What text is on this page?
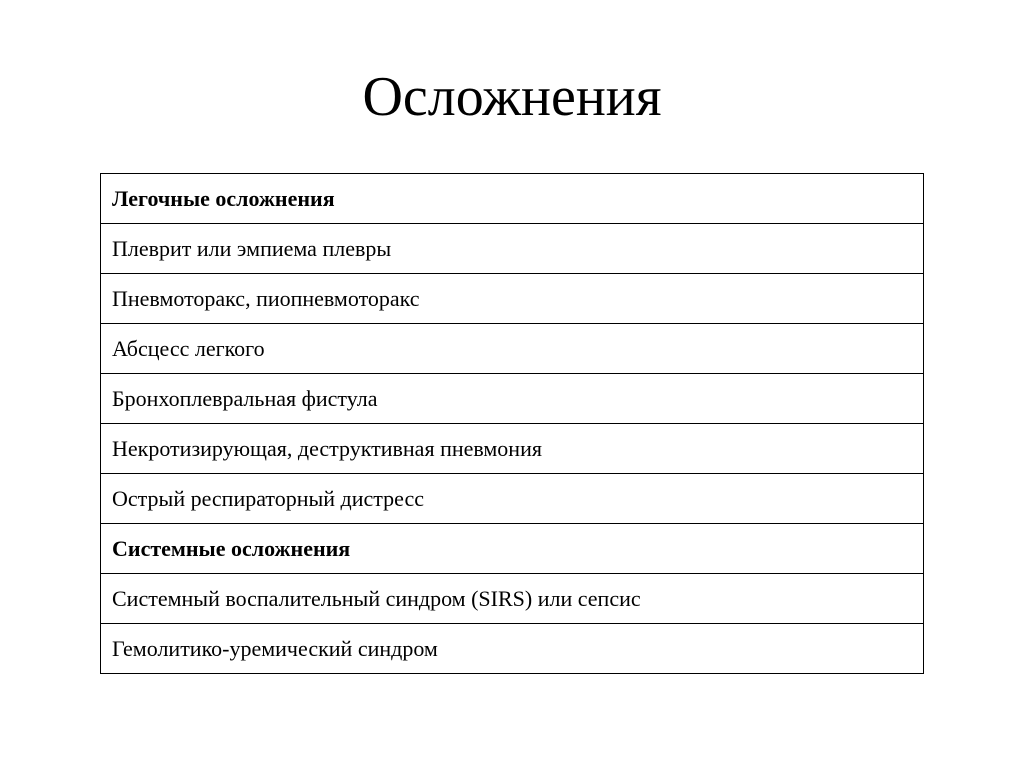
Осложнения
Легочные осложнения
Плеврит или эмпиема плевры
Пневмоторакс, пиопневмоторакс
Абсцесс легкого
Бронхоплевральная фистула
Некротизирующая, деструктивная пневмония
Острый респираторный дистресс
Системные осложнения
Системный воспалительный синдром (SIRS) или сепсис
Гемолитико-уремический синдром
